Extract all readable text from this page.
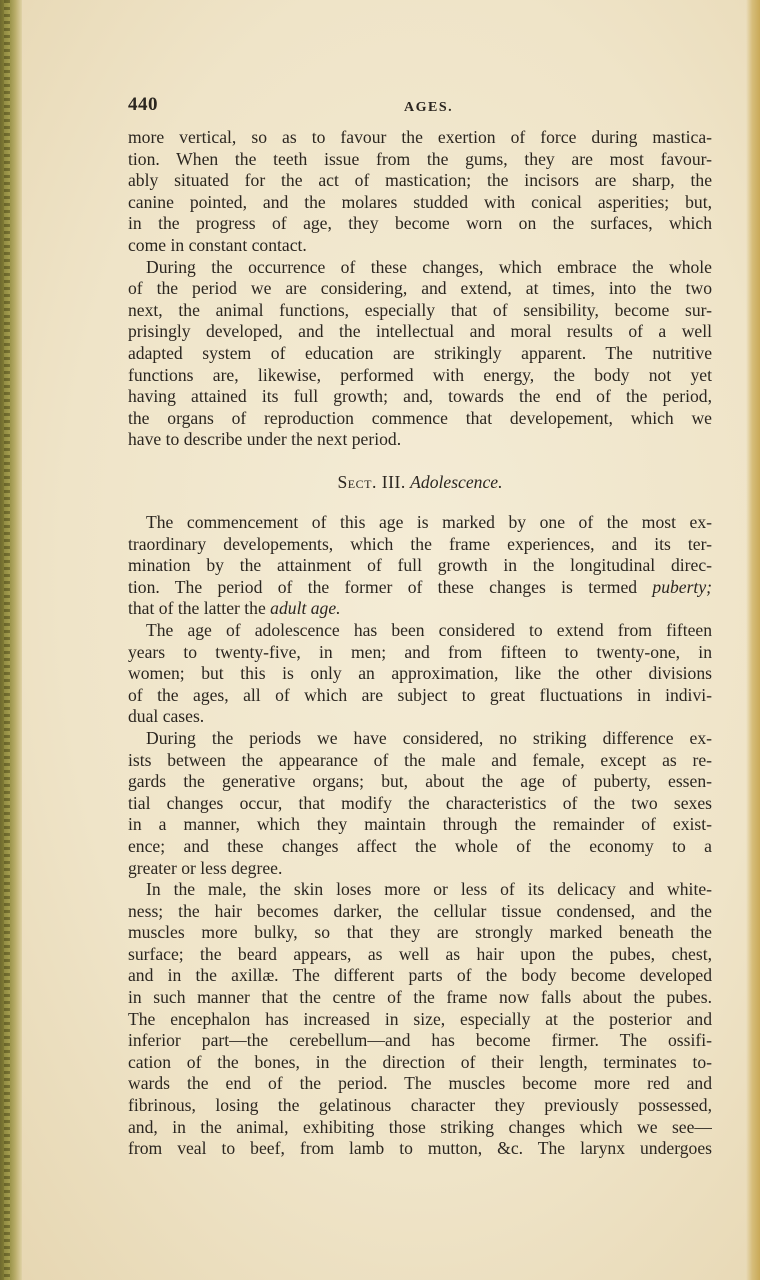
440	AGES.
more vertical, so as to favour the exertion of force during mastica-
tion. When the teeth issue from the gums, they are most favour-
ably situated for the act of mastication; the incisors are sharp, the
canine pointed, and the molares studded with conical asperities; but,
in the progress of age, they become worn on the surfaces, which
come in constant contact.
During the occurrence of these changes, which embrace the whole
of the period we are considering, and extend, at times, into the two
next, the animal functions, especially that of sensibility, become sur-
prisingly developed, and the intellectual and moral results of a well
adapted system of education are strikingly apparent. The nutritive
functions are, likewise, performed with energy, the body not yet
having attained its full growth; and, towards the end of the period,
the organs of reproduction commence that developement, which we
have to describe under the next period.
Sect. III. Adolescence.
The commencement of this age is marked by one of the most ex-
traordinary developements, which the frame experiences, and its ter-
mination by the attainment of full growth in the longitudinal direc-
tion. The period of the former of these changes is termed puberty;
that of the latter the adult age.
The age of adolescence has been considered to extend from fifteen
years to twenty-five, in men; and from fifteen to twenty-one, in
women; but this is only an approximation, like the other divisions
of the ages, all of which are subject to great fluctuations in indivi-
dual cases.
During the periods we have considered, no striking difference ex-
ists between the appearance of the male and female, except as re-
gards the generative organs; but, about the age of puberty, essen-
tial changes occur, that modify the characteristics of the two sexes
in a manner, which they maintain through the remainder of exist-
ence; and these changes affect the whole of the economy to a
greater or less degree.
In the male, the skin loses more or less of its delicacy and white-
ness; the hair becomes darker, the cellular tissue condensed, and the
muscles more bulky, so that they are strongly marked beneath the
surface; the beard appears, as well as hair upon the pubes, chest,
and in the axillæ. The different parts of the body become developed
in such manner that the centre of the frame now falls about the pubes.
The encephalon has increased in size, especially at the posterior and
inferior part—the cerebellum—and has become firmer. The ossifi-
cation of the bones, in the direction of their length, terminates to-
wards the end of the period. The muscles become more red and
fibrinous, losing the gelatinous character they previously possessed,
and, in the animal, exhibiting those striking changes which we see—
from veal to beef, from lamb to mutton, &c. The larynx undergoes
